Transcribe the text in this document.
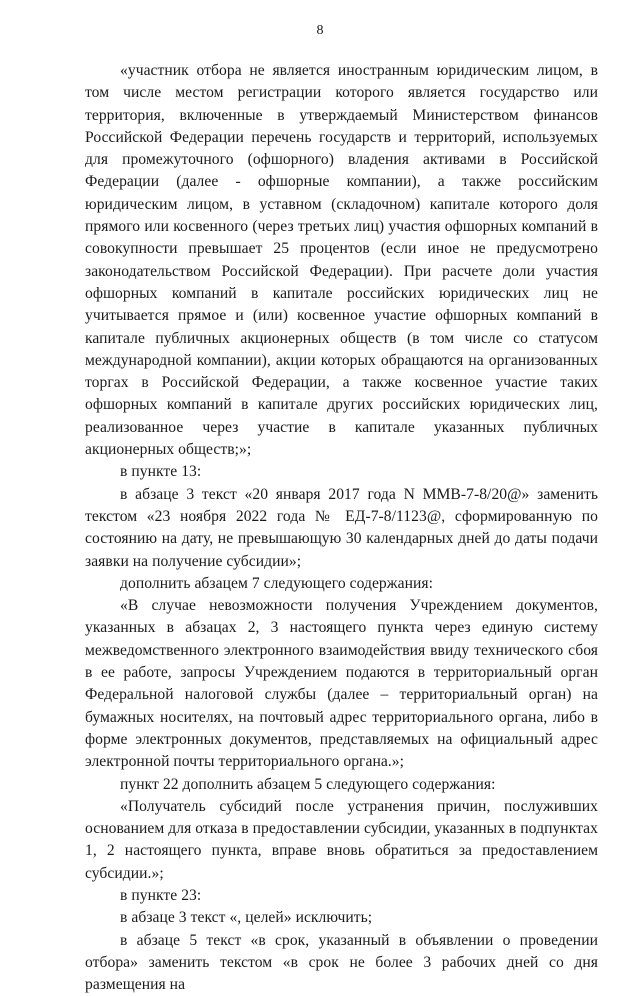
8

«участник отбора не является иностранным юридическим лицом, в том числе местом регистрации которого является государство или территория, включенные в утверждаемый Министерством финансов Российской Федерации перечень государств и территорий, используемых для промежуточного (офшорного) владения активами в Российской Федерации (далее - офшорные компании), а также российским юридическим лицом, в уставном (складочном) капитале которого доля прямого или косвенного (через третьих лиц) участия офшорных компаний в совокупности превышает 25 процентов (если иное не предусмотрено законодательством Российской Федерации). При расчете доли участия офшорных компаний в капитале российских юридических лиц не учитывается прямое и (или) косвенное участие офшорных компаний в капитале публичных акционерных обществ (в том числе со статусом международной компании), акции которых обращаются на организованных торгах в Российской Федерации, а также косвенное участие таких офшорных компаний в капитале других российских юридических лиц, реализованное через участие в капитале указанных публичных акционерных обществ;»;

в пункте 13:

в абзаце 3 текст «20 января 2017 года N ММВ-7-8/20@» заменить текстом «23 ноября 2022 года № ЕД-7-8/1123@, сформированную по состоянию на дату, не превышающую 30 календарных дней до даты подачи заявки на получение субсидии»;

дополнить абзацем 7 следующего содержания:

«В случае невозможности получения Учреждением документов, указанных в абзацах 2, 3 настоящего пункта через единую систему межведомственного электронного взаимодействия ввиду технического сбоя в ее работе, запросы Учреждением подаются в территориальный орган Федеральной налоговой службы (далее – территориальный орган) на бумажных носителях, на почтовый адрес территориального органа, либо в форме электронных документов, представляемых на официальный адрес электронной почты территориального органа.»;

пункт 22 дополнить абзацем 5 следующего содержания:

«Получатель субсидий после устранения причин, послуживших основанием для отказа в предоставлении субсидии, указанных в подпунктах 1, 2 настоящего пункта, вправе вновь обратиться за предоставлением субсидии.»;

в пункте 23:

в абзаце 3 текст «, целей» исключить;

в абзаце 5 текст «в срок, указанный в объявлении о проведении отбора» заменить текстом «в срок не более 3 рабочих дней со дня размещения на
